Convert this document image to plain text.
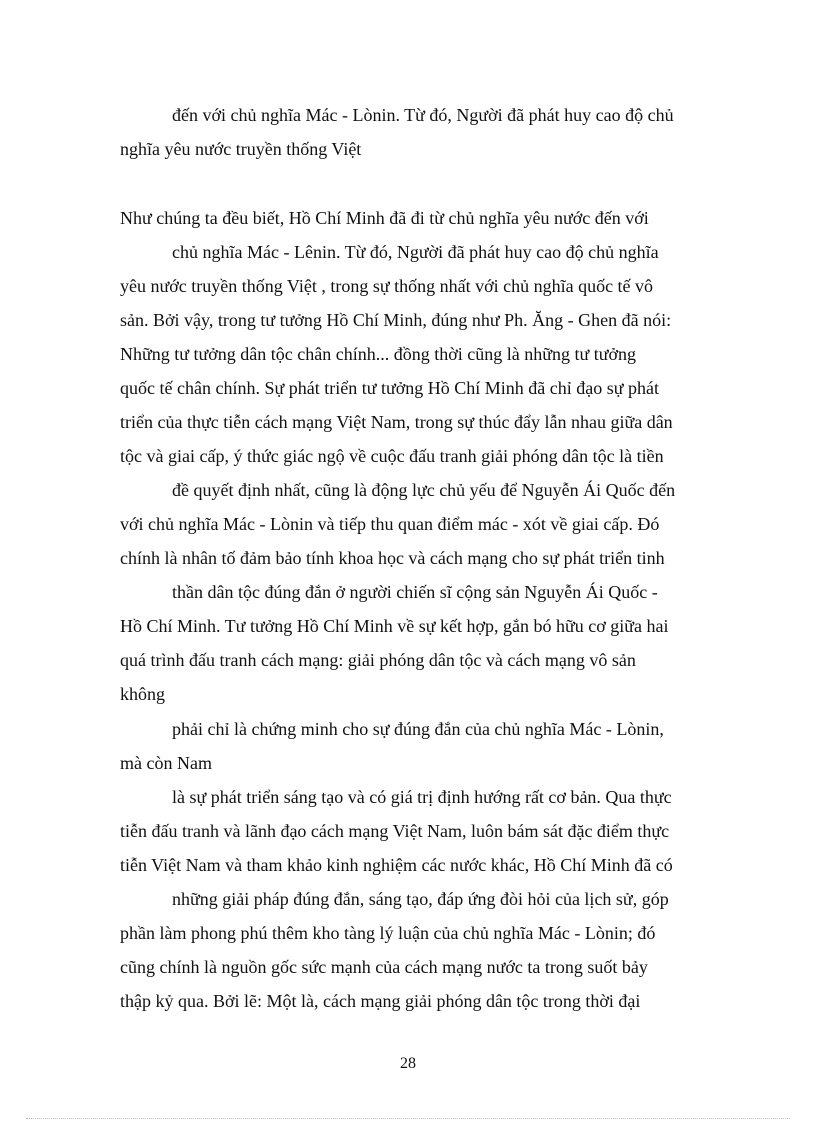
đến với chủ nghĩa Mác - Lònin. Từ đó, Người đã phát huy cao độ chủ
nghĩa yêu nước truyền thống Việt
Như chúng ta đều biết, Hồ Chí Minh đã đi từ chủ nghĩa yêu nước đến với
chủ nghĩa Mác - Lênin. Từ đó, Người đã phát huy cao độ chủ nghĩa
yêu nước truyền thống Việt , trong sự thống nhất với chủ nghĩa quốc tế vô
sản. Bởi vậy, trong tư tưởng Hồ Chí Minh, đúng như Ph. Ăng - Ghen đã nói:
Những tư tưởng dân tộc chân chính... đồng thời cũng là những tư tưởng
quốc tế chân chính. Sự phát triển tư tưởng Hồ Chí Minh đã chỉ đạo sự phát
triển của thực tiễn cách mạng Việt Nam, trong sự thúc đẩy lẫn nhau giữa dân
tộc và giai cấp, ý thức giác ngộ về cuộc đấu tranh giải phóng dân tộc là tiền
đề quyết định nhất, cũng là động lực chủ yếu để Nguyễn Ái Quốc đến
với chủ nghĩa Mác - Lònin và tiếp thu quan điểm mác - xót về giai cấp. Đó
chính là nhân tố đảm bảo tính khoa học và cách mạng cho sự phát triển tinh
thần dân tộc đúng đắn ở người chiến sĩ cộng sản Nguyễn Ái Quốc -
Hồ Chí Minh. Tư tưởng Hồ Chí Minh về sự kết hợp, gắn bó hữu cơ giữa hai
quá trình đấu tranh cách mạng: giải phóng dân tộc và cách mạng vô sản
không
phải chỉ là chứng minh cho sự đúng đắn của chủ nghĩa Mác - Lònin,
mà còn Nam
là sự phát triển sáng tạo và có giá trị định hướng rất cơ bản. Qua thực
tiễn đấu tranh và lãnh đạo cách mạng Việt Nam, luôn bám sát đặc điểm thực
tiễn Việt Nam và tham khảo kinh nghiệm các nước khác, Hồ Chí Minh đã có
những giải pháp đúng đắn, sáng tạo, đáp ứng đòi hỏi của lịch sử, góp
phần làm phong phú thêm kho tàng lý luận của chủ nghĩa Mác - Lònin; đó
cũng chính là nguồn gốc sức mạnh của cách mạng nước ta trong suốt bảy
thập kỷ qua. Bởi lẽ: Một là, cách mạng giải phóng dân tộc trong thời đại
28
